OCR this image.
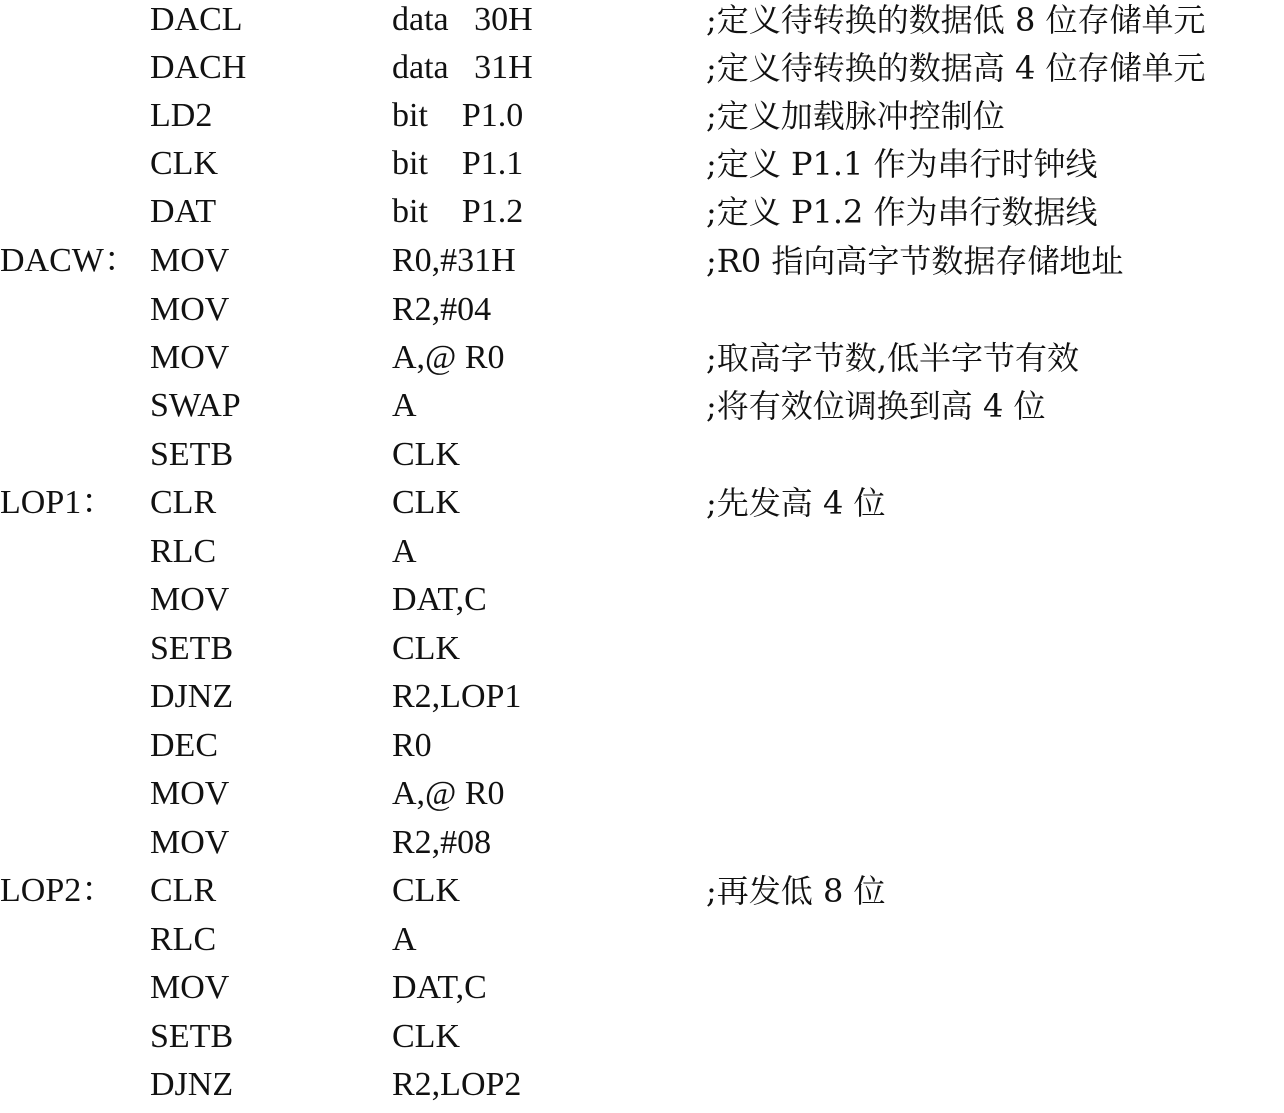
DACL	data   30H	;定义待转换的数据低 8 位存储单元
DACH	data   31H	;定义待转换的数据高 4 位存储单元
LD2	bit    P1.0	;定义加载脉冲控制位
CLK	bit    P1.1	;定义 P1.1 作为串行时钟线
DAT	bit    P1.2	;定义 P1.2 作为串行数据线
DACW： MOV	R0,#31H	;R0 指向高字节数据存储地址
MOV	R2,#04
MOV	A,@ R0	;取高字节数,低半字节有效
SWAP	A	;将有效位调换到高 4 位
SETB	CLK
LOP1： CLR	CLK	;先发高 4 位
RLC	A
MOV	DAT,C
SETB	CLK
DJNZ	R2,LOP1
DEC	R0
MOV	A,@ R0
MOV	R2,#08
LOP2： CLR	CLK	;再发低 8 位
RLC	A
MOV	DAT,C
SETB	CLK
DJNZ	R2,LOP2
